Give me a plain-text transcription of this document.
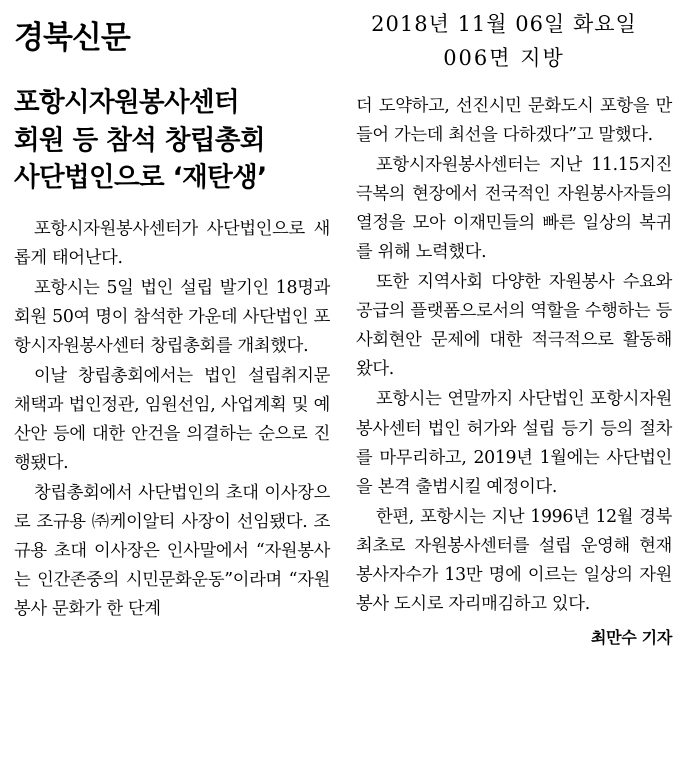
경북신문	2018년 11월 06일 화요일
006면 지방
포항시자원봉사센터
회원 등 참석 창립총회
사단법인으로 ‘재탄생’

포항시자원봉사센터가 사단법인으로 새롭게 태어난다.

포항시는 5일 법인 설립 발기인 18명과 회원 50여 명이 참석한 가운데 사단법인 포항시자원봉사센터 창립총회를 개최했다.

이날 창립총회에서는 법인 설립취지문 채택과 법인정관, 임원선임, 사업계획 및 예산안 등에 대한 안건을 의결하는 순으로 진행됐다.

창립총회에서 사단법인의 초대 이사장으로 조규용 ㈜케이알티 사장이 선임됐다. 조규용 초대 이사장은 인사말에서 “자원봉사는 인간존중의 시민문화운동”이라며 “자원봉사 문화가 한 단계

더 도약하고, 선진시민 문화도시 포항을 만들어 가는데 최선을 다하겠다”고 말했다.

포항시자원봉사센터는 지난 11.15지진 극복의 현장에서 전국적인 자원봉사자들의 열정을 모아 이재민들의 빠른 일상의 복귀를 위해 노력했다.

또한 지역사회 다양한 자원봉사 수요와 공급의 플랫폼으로서의 역할을 수행하는 등 사회현안 문제에 대한 적극적으로 활동해 왔다.

포항시는 연말까지 사단법인 포항시자원봉사센터 법인 허가와 설립 등기 등의 절차를 마무리하고, 2019년 1월에는 사단법인을 본격 출범시킬 예정이다.

한편, 포항시는 지난 1996년 12월 경북 최초로 자원봉사센터를 설립 운영해 현재 봉사자수가 13만 명에 이르는 일상의 자원봉사 도시로 자리매김하고 있다.

최만수 기자
